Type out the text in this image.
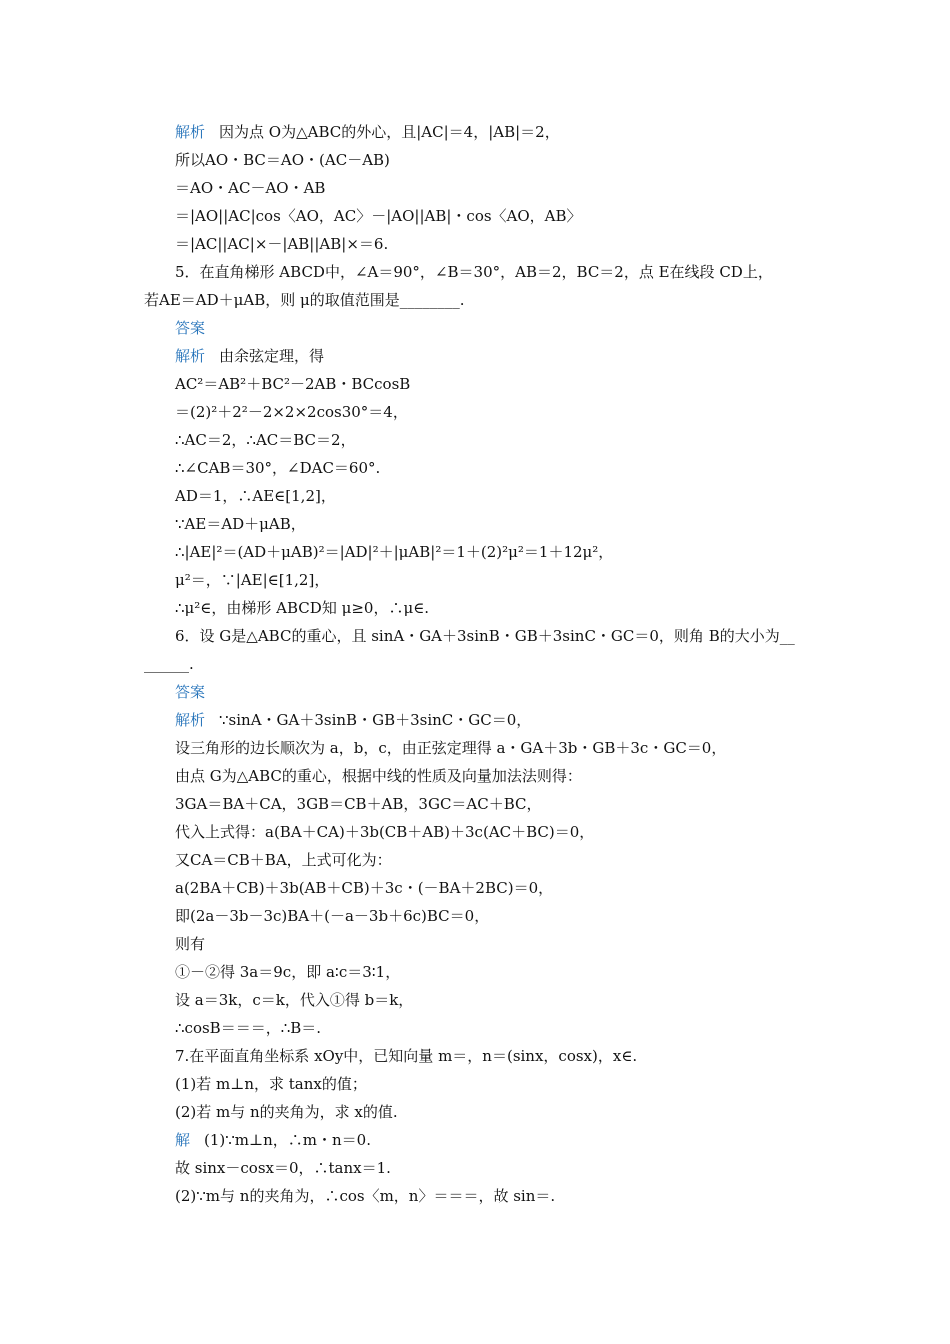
解析 因为点 O为△ABC的外心，且|AC|＝4，|AB|＝2，
所以AO・BC＝AO・(AC－AB)
＝AO・AC－AO・AB
＝|AO||AC|cos〈AO，AC〉－|AO||AB|・cos〈AO，AB〉
＝|AC||AC|×－|AB||AB|×＝6.
5．在直角梯形 ABCD中，∠A＝90°，∠B＝30°，AB＝2，BC＝2，点 E在线段 CD上，
若AE＝AD＋μAB，则 μ的取值范围是________.
答案
解析 由余弦定理，得
AC²＝AB²＋BC²－2AB・BCcosB
＝(2)²＋2²－2×2×2cos30°＝4，
∴AC＝2，∴AC＝BC＝2，
∴∠CAB＝30°，∠DAC＝60°.
AD＝1，∴AE∈[1,2]，
∵AE＝AD＋μAB，
∴|AE|²＝(AD＋μAB)²＝|AD|²＋|μAB|²＝1＋(2)²μ²＝1＋12μ²，
μ²＝，∵|AE|∈[1,2]，
∴μ²∈，由梯形 ABCD知 μ≥0，∴μ∈.
6．设 G是△ABC的重心，且 sinA・GA＋3sinB・GB＋3sinC・GC＝0，则角 B的大小为__
______.
答案
解析 ∵sinA・GA＋3sinB・GB＋3sinC・GC＝0，
设三角形的边长顺次为 a，b，c，由正弦定理得 a・GA＋3b・GB＋3c・GC＝0，
由点 G为△ABC的重心，根据中线的性质及向量加法法则得：
3GA＝BA＋CA，3GB＝CB＋AB，3GC＝AC＋BC，
代入上式得：a(BA＋CA)＋3b(CB＋AB)＋3c(AC＋BC)＝0，
又CA＝CB＋BA，上式可化为：
a(2BA＋CB)＋3b(AB＋CB)＋3c・(－BA＋2BC)＝0，
即(2a－3b－3c)BA＋(－a－3b＋6c)BC＝0，
则有
①－②得 3a＝9c，即 a∶c＝3∶1，
设 a＝3k，c＝k，代入①得 b＝k，
∴cosB＝＝＝，∴B＝.
7.在平面直角坐标系 xOy中，已知向量 m＝，n＝(sinx，cosx)，x∈.
(1)若 m⊥n，求 tanx的值；
(2)若 m与 n的夹角为，求 x的值.
解 (1)∵m⊥n，∴m・n＝0.
故 sinx－cosx＝0，∴tanx＝1.
(2)∵m与 n的夹角为，∴cos〈m，n〉＝＝＝，故 sin＝.
